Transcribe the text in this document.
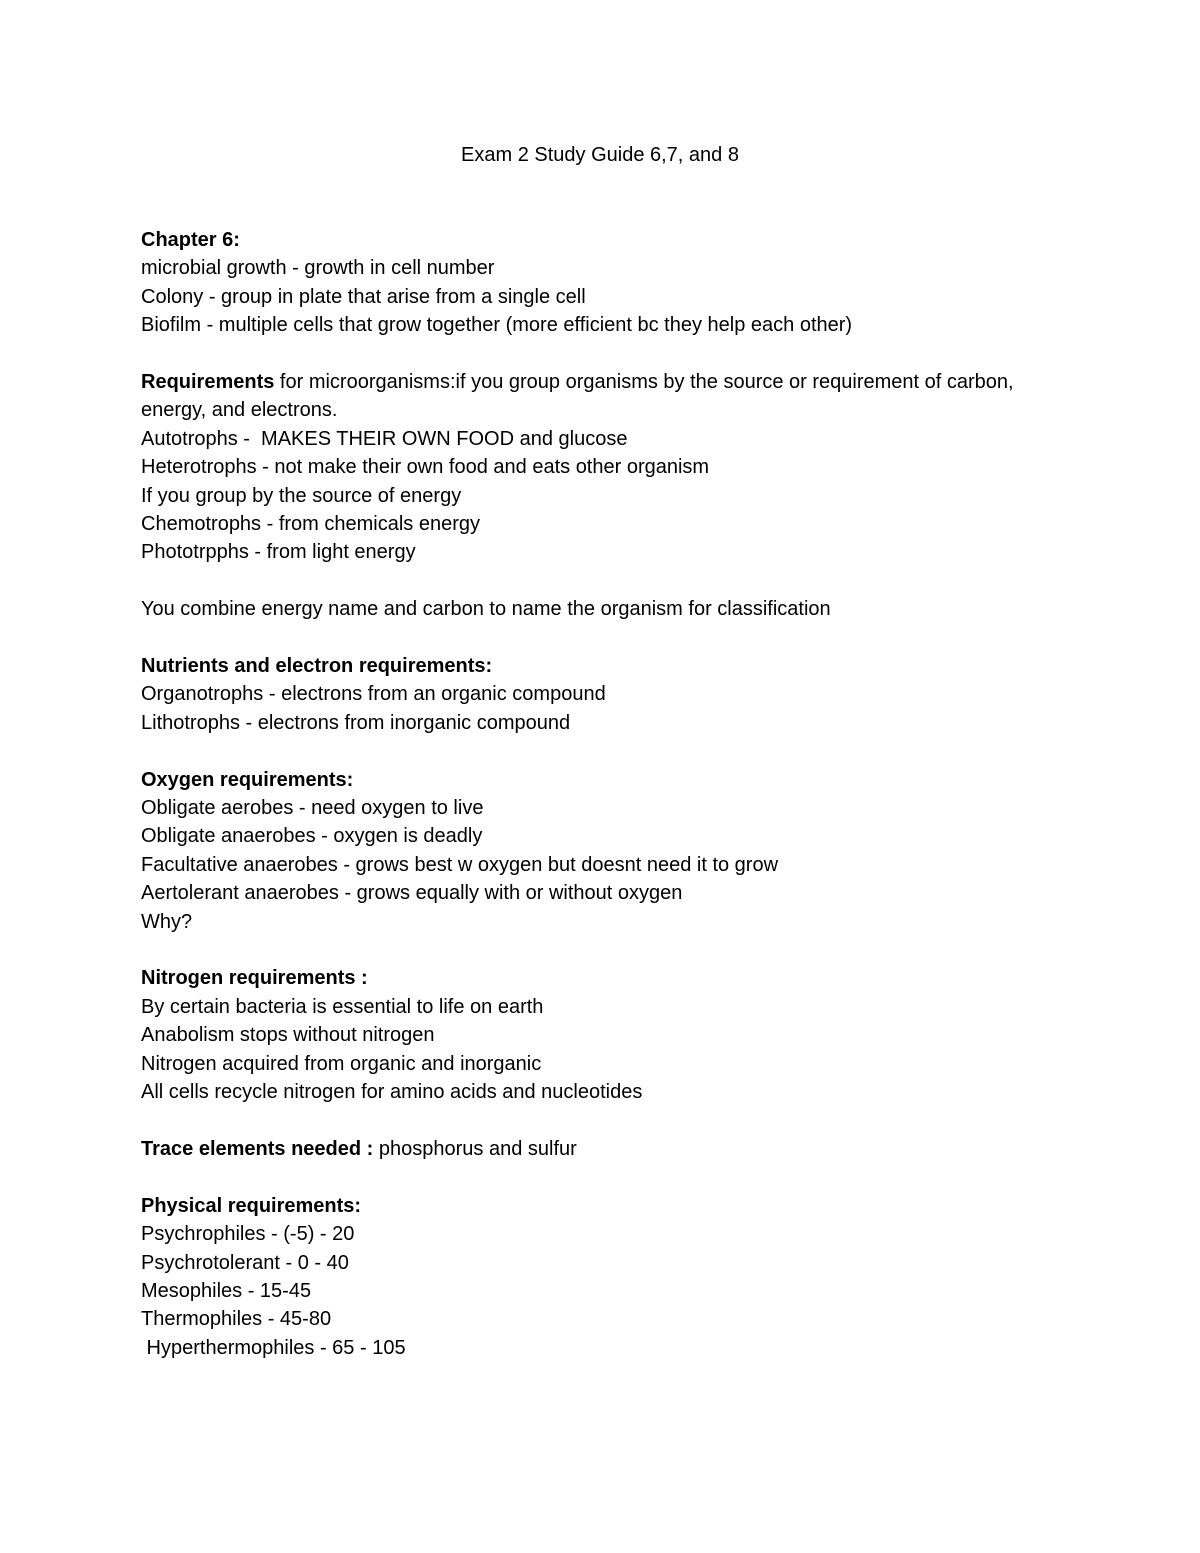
Exam 2 Study Guide 6,7, and 8
Chapter 6:
microbial growth - growth in cell number
Colony - group in plate that arise from a single cell
Biofilm - multiple cells that grow together (more efficient bc they help each other)
Requirements for microorganisms:if you group organisms by the source or requirement of carbon, energy, and electrons.
Autotrophs -  MAKES THEIR OWN FOOD and glucose
Heterotrophs - not make their own food and eats other organism
If you group by the source of energy
Chemotrophs - from chemicals energy
Phototrpphs - from light energy
You combine energy name and carbon to name the organism for classification
Nutrients and electron requirements:
Organotrophs - electrons from an organic compound
Lithotrophs - electrons from inorganic compound
Oxygen requirements:
Obligate aerobes - need oxygen to live
Obligate anaerobes - oxygen is deadly
Facultative anaerobes - grows best w oxygen but doesnt need it to grow
Aertolerant anaerobes - grows equally with or without oxygen
Why?
Nitrogen requirements :
By certain bacteria is essential to life on earth
Anabolism stops without nitrogen
Nitrogen acquired from organic and inorganic
All cells recycle nitrogen for amino acids and nucleotides
Trace elements needed : phosphorus and sulfur
Physical requirements:
Psychrophiles - (-5) - 20
Psychrotolerant - 0 - 40
Mesophiles - 15-45
Thermophiles - 45-80
Hyperthermophiles - 65 - 105
